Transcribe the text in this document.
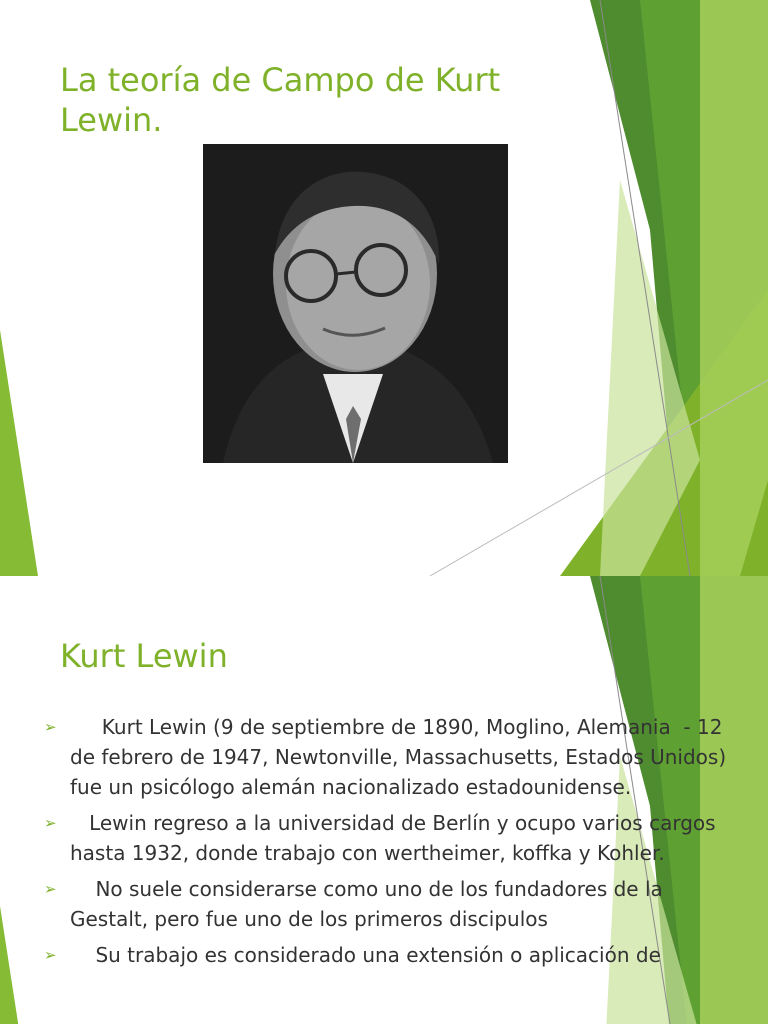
La teoría de Campo de Kurt Lewin.
Kurt Lewin
➢ Kurt Lewin (9 de septiembre de 1890, Moglino, Alemania  - 12 de febrero de 1947, Newtonville, Massachusetts, Estados Unidos) fue un psicólogo alemán nacionalizado estadounidense.
➢ Lewin regreso a la universidad de Berlín y ocupo varios cargos hasta 1932, donde trabajo con wertheimer, koffka y Kohler.
➢ No suele considerarse como uno de los fundadores de la Gestalt, pero fue uno de los primeros discipulos
➢ Su trabajo es considerado una extensión o aplicación de
